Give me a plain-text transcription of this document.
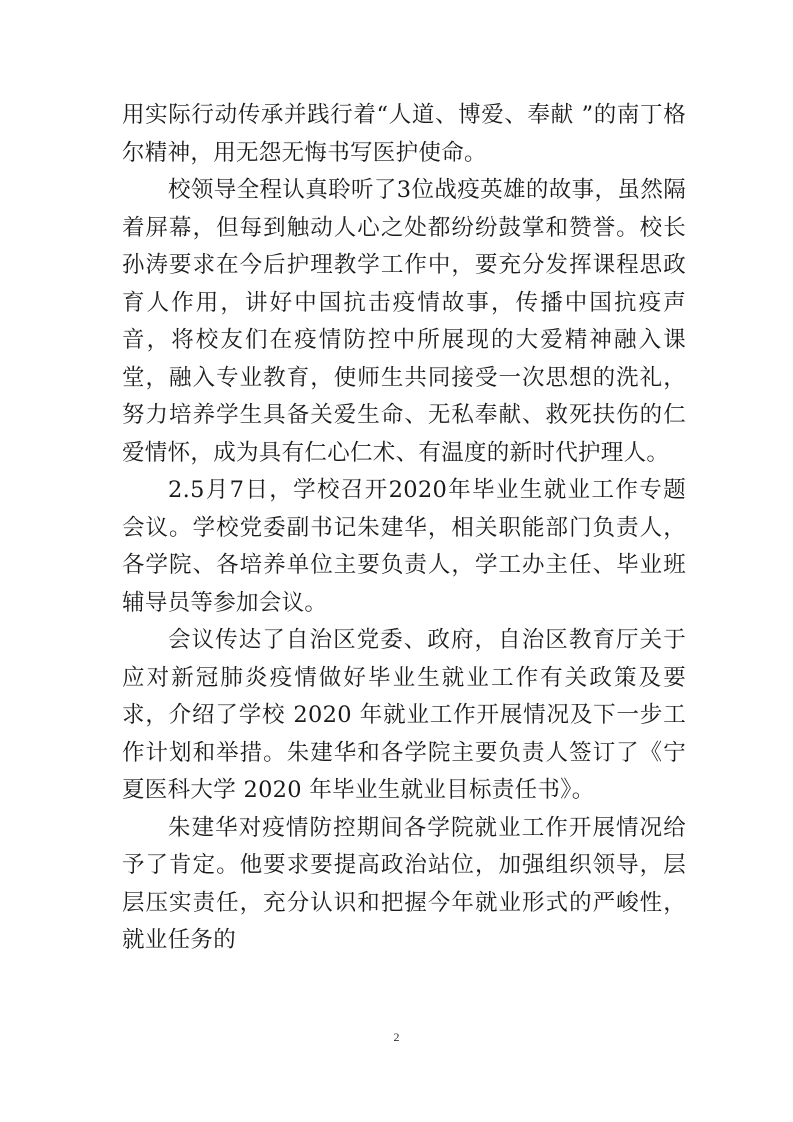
用实际行动传承并践行着“人道、博爱、奉献 ”的南丁格尔精神，用无怨无悔书写医护使命。

校领导全程认真聆听了3位战疫英雄的故事，虽然隔着屏幕，但每到触动人心之处都纷纷鼓掌和赞誉。校长孙涛要求在今后护理教学工作中，要充分发挥课程思政育人作用，讲好中国抗击疫情故事，传播中国抗疫声音，将校友们在疫情防控中所展现的大爱精神融入课堂，融入专业教育，使师生共同接受一次思想的洗礼，努力培养学生具备关爱生命、无私奉献、救死扶伤的仁爱情怀，成为具有仁心仁术、有温度的新时代护理人。

2.5月7日，学校召开2020年毕业生就业工作专题会议。学校党委副书记朱建华，相关职能部门负责人，各学院、各培养单位主要负责人，学工办主任、毕业班辅导员等参加会议。

会议传达了自治区党委、政府，自治区教育厅关于应对新冠肺炎疫情做好毕业生就业工作有关政策及要求，介绍了学校 2020 年就业工作开展情况及下一步工作计划和举措。朱建华和各学院主要负责人签订了《宁夏医科大学 2020 年毕业生就业目标责任书》。

朱建华对疫情防控期间各学院就业工作开展情况给予了肯定。他要求要提高政治站位，加强组织领导，层层压实责任，充分认识和把握今年就业形式的严峻性，就业任务的

2
